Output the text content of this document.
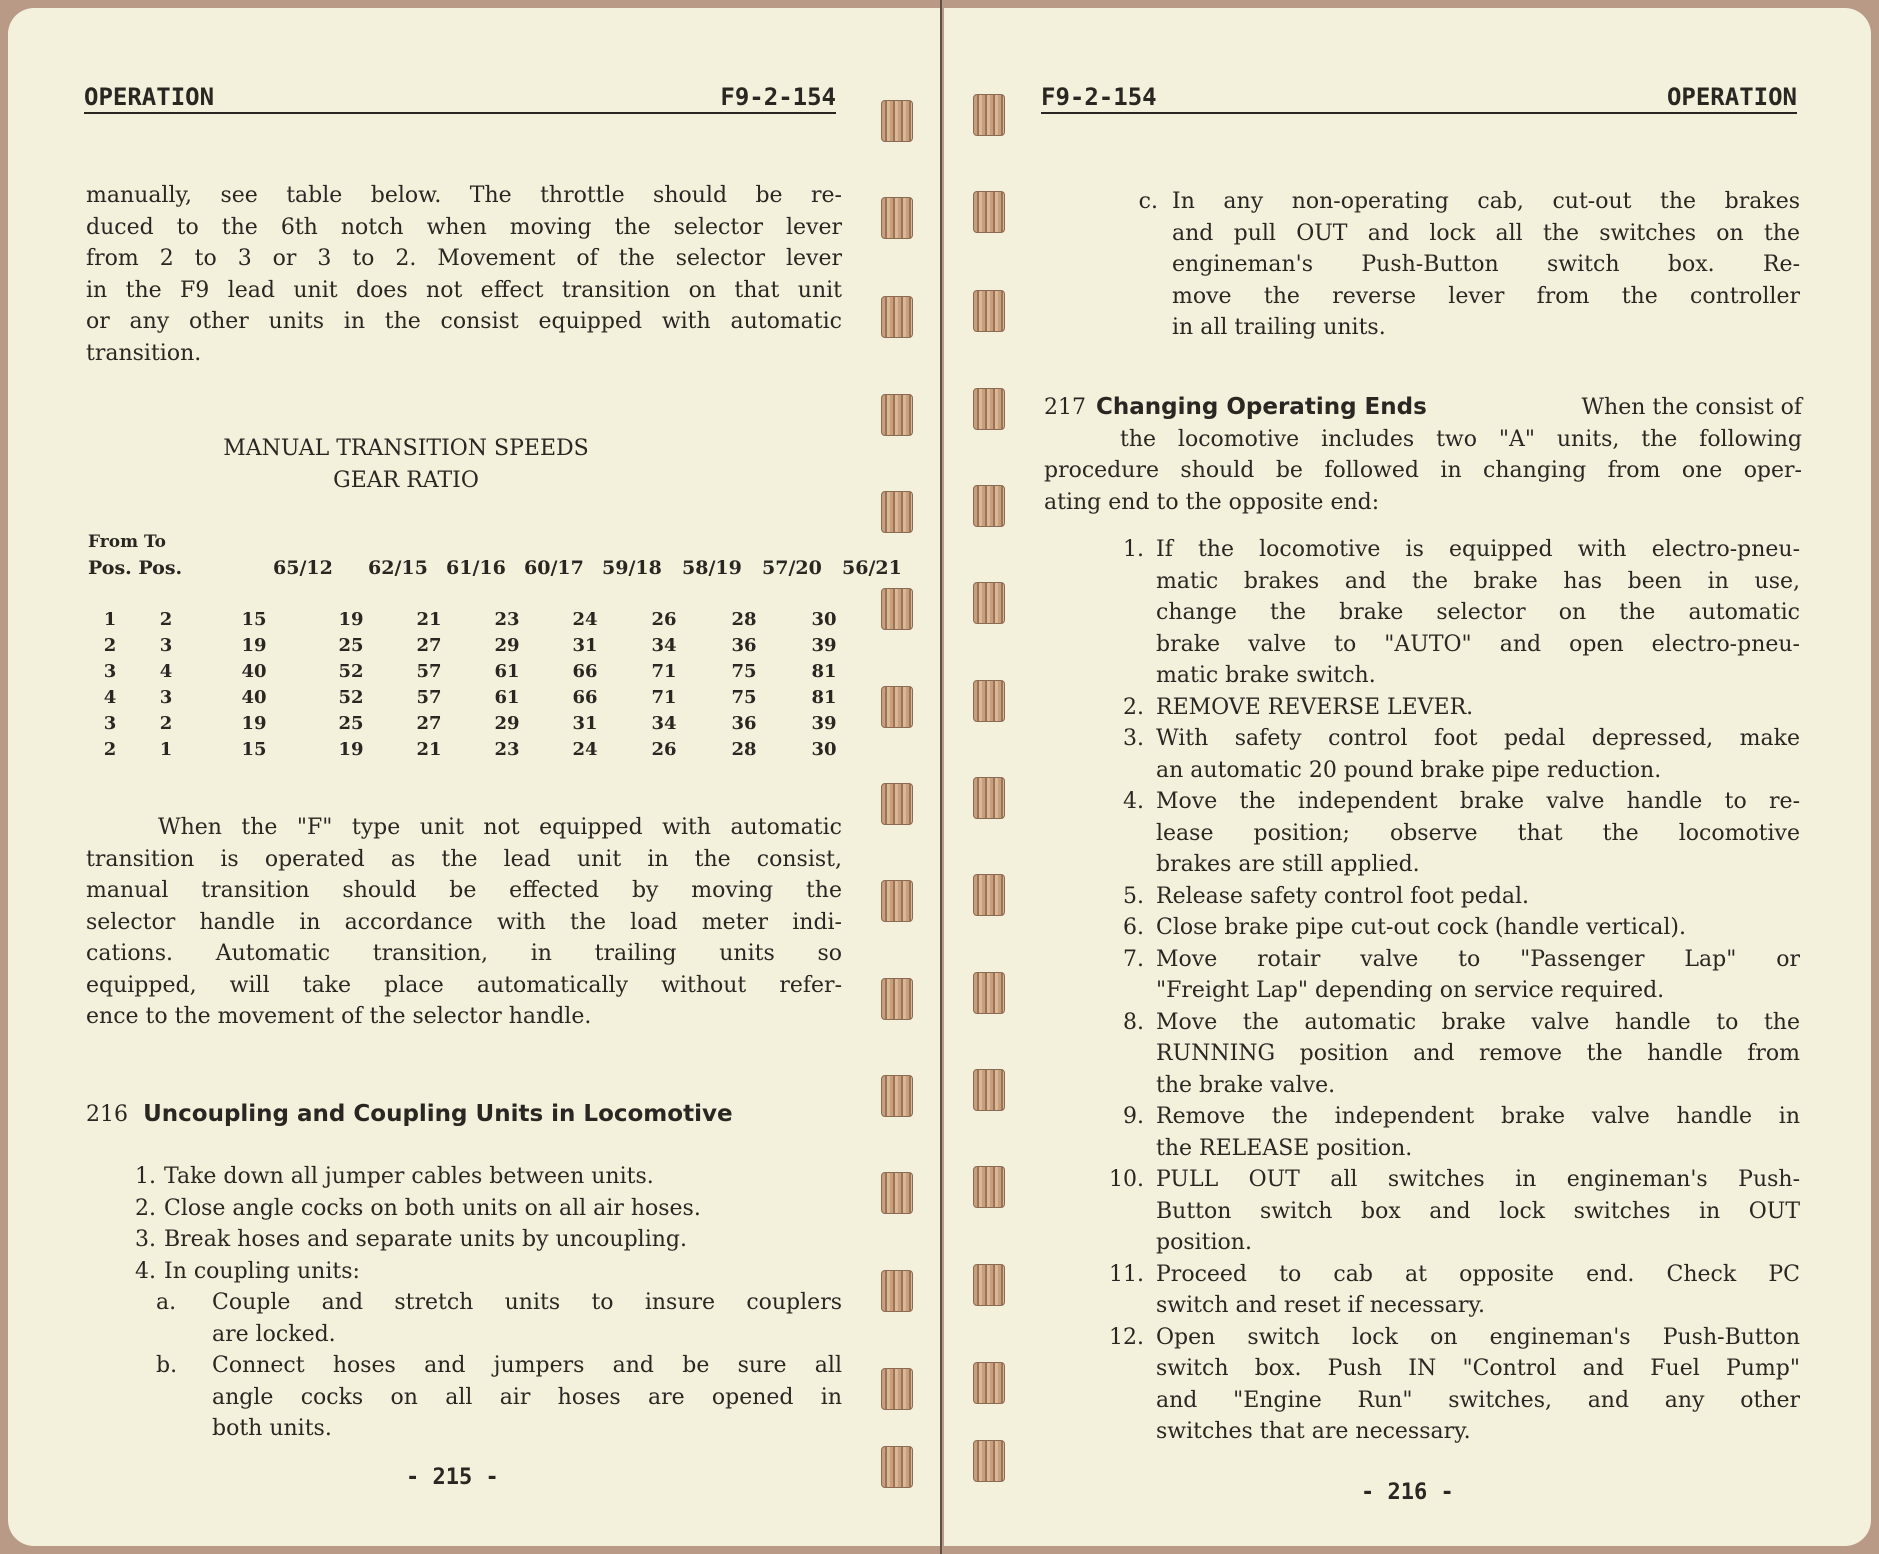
OPERATION	F9-2-154
manually, see table below. The throttle should be re-
duced to the 6th notch when moving the selector lever
from 2 to 3 or 3 to 2. Movement of the selector lever
in the F9 lead unit does not effect transition on that unit
or any other units in the consist equipped with automatic
transition.
MANUAL TRANSITION SPEEDS
GEAR RATIO
From To
Pos. Pos.	65/12 62/15 61/16 60/17 59/18 58/19 57/20 56/21
1	2	15	19	21	23	24	26	28	30
2	3	19	25	27	29	31	34	36	39
3	4	40	52	57	61	66	71	75	81
4	3	40	52	57	61	66	71	75	81
3	2	19	25	27	29	31	34	36	39
2	1	15	19	21	23	24	26	28	30
When the "F" type unit not equipped with automatic
transition is operated as the lead unit in the consist,
manual transition should be effected by moving the
selector handle in accordance with the load meter indi-
cations. Automatic transition, in trailing units so
equipped, will take place automatically without refer-
ence to the movement of the selector handle.
216 Uncoupling and Coupling Units in Locomotive
1. Take down all jumper cables between units.
2. Close angle cocks on both units on all air hoses.
3. Break hoses and separate units by uncoupling.
4. In coupling units:
a.	Couple and stretch units to insure couplers
are locked.
b.	Connect hoses and jumpers and be sure all
angle cocks on all air hoses are opened in
both units.
- 215 -
F9-2-154	OPERATION
c. In any non-operating cab, cut-out the brakes
and pull OUT and lock all the switches on the
engineman's Push-Button switch box. Re-
move the reverse lever from the controller
in all trailing units.
217 Changing Operating Ends	When the consist of
the locomotive includes two "A" units, the following
procedure should be followed in changing from one oper-
ating end to the opposite end:
1. If the locomotive is equipped with electro-pneu-
matic brakes and the brake has been in use,
change the brake selector on the automatic
brake valve to "AUTO" and open electro-pneu-
matic brake switch.
2. REMOVE REVERSE LEVER.
3. With safety control foot pedal depressed, make
an automatic 20 pound brake pipe reduction.
4. Move the independent brake valve handle to re-
lease position; observe that the locomotive
brakes are still applied.
5. Release safety control foot pedal.
6. Close brake pipe cut-out cock (handle vertical).
7. Move rotair valve to "Passenger Lap" or
"Freight Lap" depending on service required.
8. Move the automatic brake valve handle to the
RUNNING position and remove the handle from
the brake valve.
9. Remove the independent brake valve handle in
the RELEASE position.
10. PULL OUT all switches in engineman's Push-
Button switch box and lock switches in OUT
position.
11. Proceed to cab at opposite end. Check PC
switch and reset if necessary.
12. Open switch lock on engineman's Push-Button
switch box. Push IN "Control and Fuel Pump"
and "Engine Run" switches, and any other
switches that are necessary.
- 216 -
